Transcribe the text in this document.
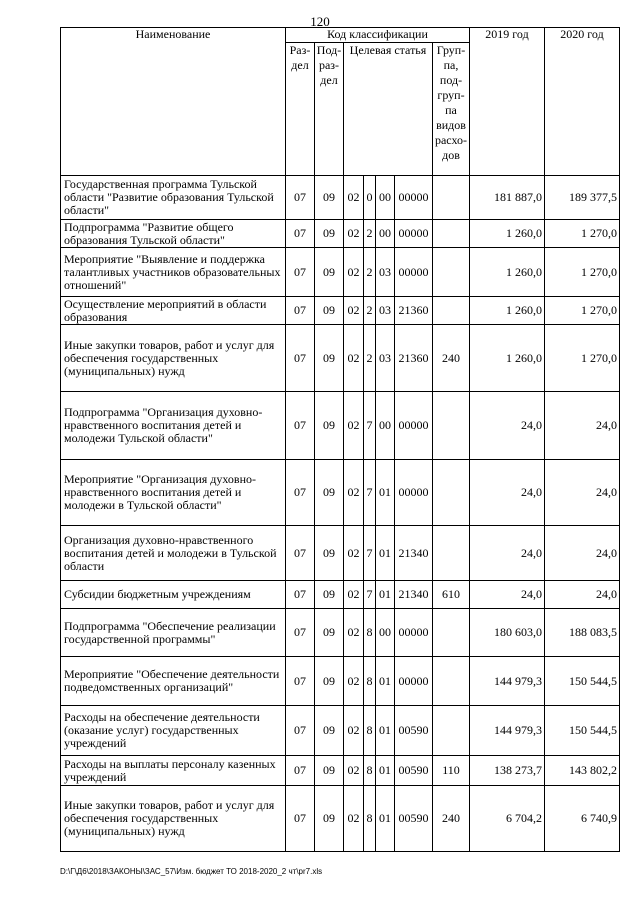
120
Наименование	Код классификации							2019 год	2020 год
	Раз-дел	Под-раз-дел	Целевая статья				Груп-па, под-груп-па видов расхо-дов		
Государственная программа Тульской области "Развитие образования Тульской области"	07	09	02	0	00	00000		181 887,0	189 377,5
Подпрограмма "Развитие общего образования Тульской области"	07	09	02	2	00	00000		1 260,0	1 270,0
Мероприятие "Выявление и поддержка талантливых участников образовательных отношений"	07	09	02	2	03	00000		1 260,0	1 270,0
Осуществление мероприятий в области образования	07	09	02	2	03	21360		1 260,0	1 270,0
Иные закупки товаров, работ и услуг для обеспечения государственных (муниципальных) нужд	07	09	02	2	03	21360	240	1 260,0	1 270,0
Подпрограмма "Организация духовно-нравственного воспитания детей и молодежи Тульской области"	07	09	02	7	00	00000		24,0	24,0
Мероприятие "Организация духовно-нравственного воспитания детей и молодежи в Тульской области"	07	09	02	7	01	00000		24,0	24,0
Организация духовно-нравственного воспитания детей и молодежи в Тульской области	07	09	02	7	01	21340		24,0	24,0
Субсидии бюджетным учреждениям	07	09	02	7	01	21340	610	24,0	24,0
Подпрограмма "Обеспечение реализации государственной программы"	07	09	02	8	00	00000		180 603,0	188 083,5
Мероприятие "Обеспечение деятельности подведомственных организаций"	07	09	02	8	01	00000		144 979,3	150 544,5
Расходы на обеспечение деятельности (оказание услуг) государственных учреждений	07	09	02	8	01	00590		144 979,3	150 544,5
Расходы на выплаты персоналу казенных учреждений	07	09	02	8	01	00590	110	138 273,7	143 802,2
Иные закупки товаров, работ и услуг для обеспечения государственных (муниципальных) нужд	07	09	02	8	01	00590	240	6 704,2	6 740,9
D:\Г\Д6\2018\ЗАКОНЫ\ЗАС_57\Изм. бюджет ТО 2018-2020_2 чт\pr7.xls
